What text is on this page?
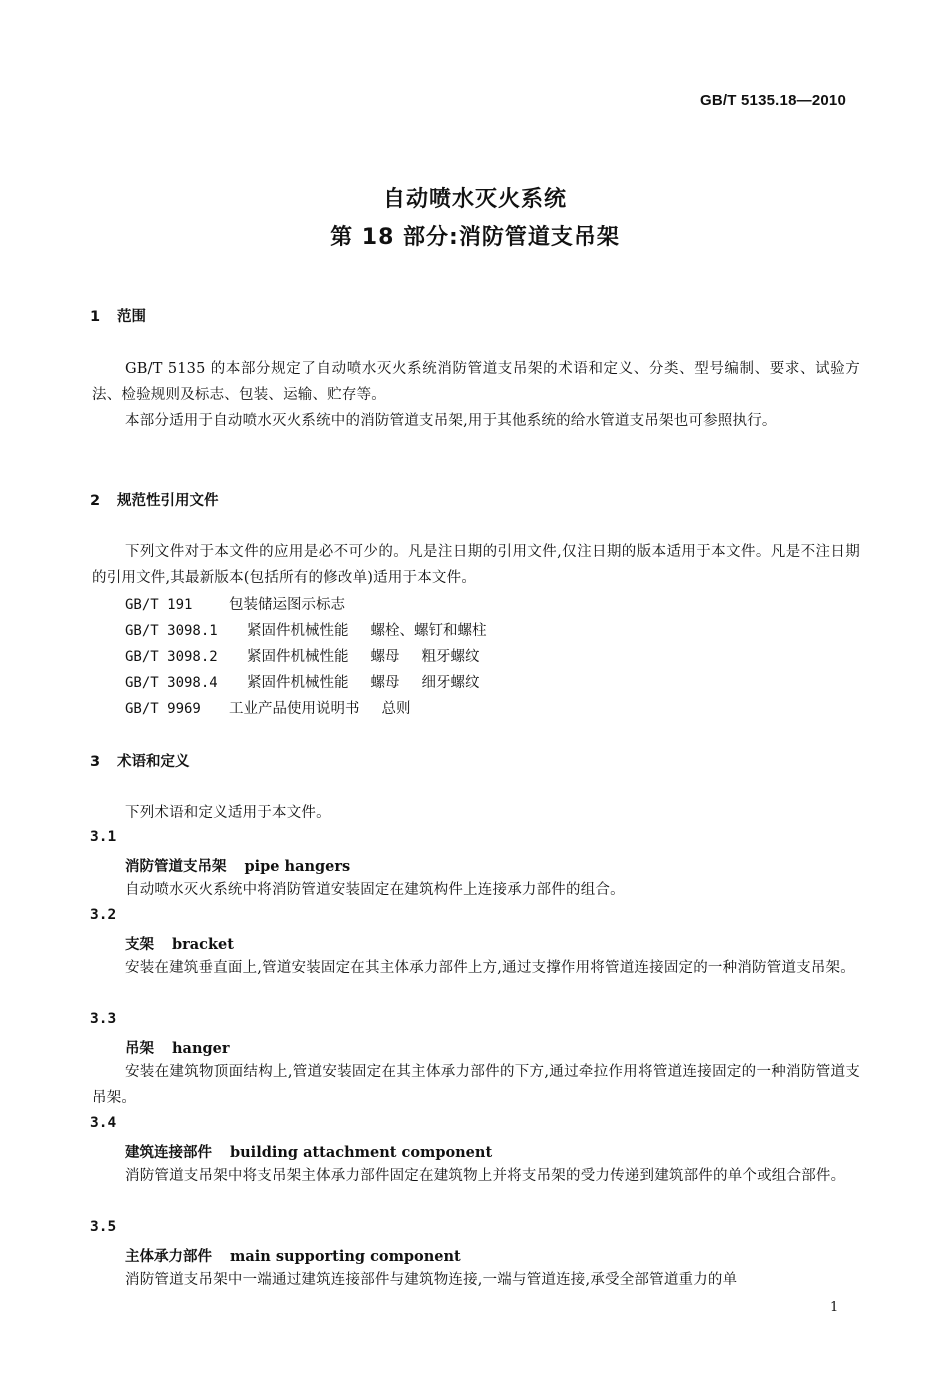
GB/T 5135.18—2010
自动喷水灭火系统
第 18 部分:消防管道支吊架
1 范围
GB/T 5135 的本部分规定了自动喷水灭火系统消防管道支吊架的术语和定义、分类、型号编制、要求、试验方法、检验规则及标志、包装、运输、贮存等。
本部分适用于自动喷水灭火系统中的消防管道支吊架,用于其他系统的给水管道支吊架也可参照执行。
2 规范性引用文件
下列文件对于本文件的应用是必不可少的。凡是注日期的引用文件,仅注日期的版本适用于本文件。凡是不注日期的引用文件,其最新版本(包括所有的修改单)适用于本文件。
GB/T 191	包装储运图示标志
GB/T 3098.1 紧固件机械性能 螺栓、螺钉和螺柱
GB/T 3098.2 紧固件机械性能 螺母 粗牙螺纹
GB/T 3098.4 紧固件机械性能 螺母 细牙螺纹
GB/T 9969 工业产品使用说明书 总则
3 术语和定义
下列术语和定义适用于本文件。
3.1
消防管道支吊架 pipe hangers
自动喷水灭火系统中将消防管道安装固定在建筑构件上连接承力部件的组合。
3.2
支架 bracket
安装在建筑垂直面上,管道安装固定在其主体承力部件上方,通过支撑作用将管道连接固定的一种消防管道支吊架。
3.3
吊架 hanger
安装在建筑物顶面结构上,管道安装固定在其主体承力部件的下方,通过牵拉作用将管道连接固定的一种消防管道支吊架。
3.4
建筑连接部件 building attachment component
消防管道支吊架中将支吊架主体承力部件固定在建筑物上并将支吊架的受力传递到建筑部件的单个或组合部件。
3.5
主体承力部件 main supporting component
消防管道支吊架中一端通过建筑连接部件与建筑物连接,一端与管道连接,承受全部管道重力的单
1
